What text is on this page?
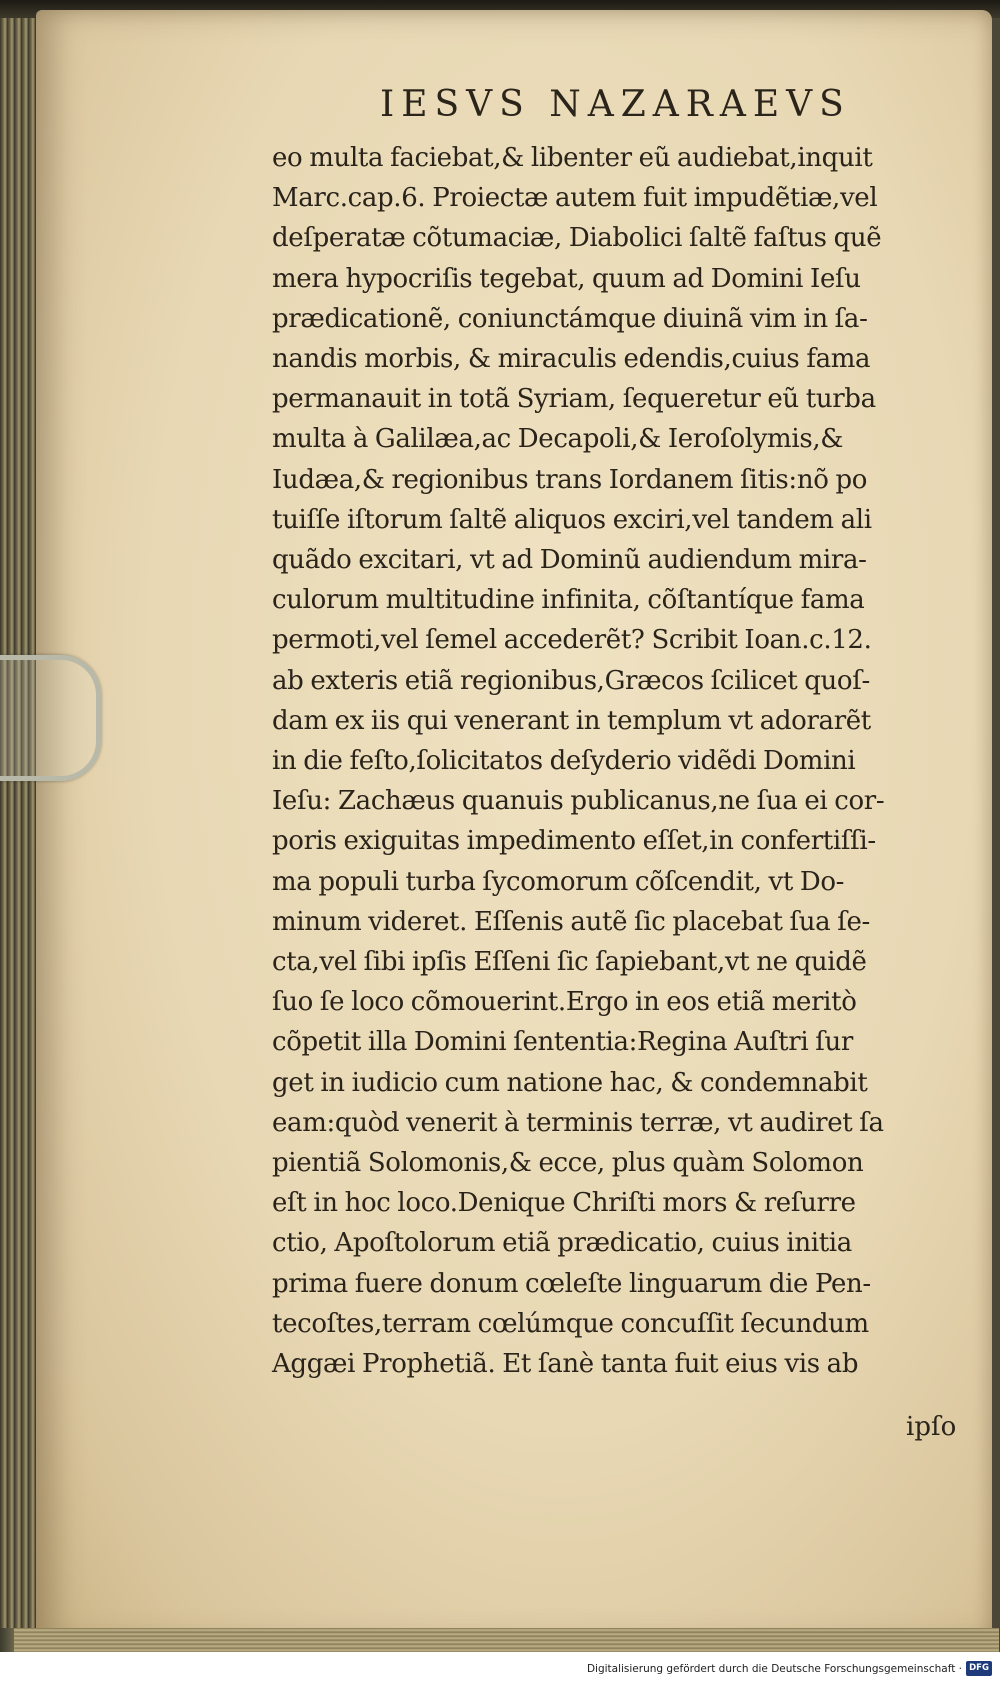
IESVS NAZARAEVS
eo multa faciebat,& libenter eũ audiebat,inquit
Marc.cap.6. Proiectæ autem fuit impudẽtiæ,vel
deſperatæ cõtumaciæ, Diabolici ſaltẽ faſtus quẽ
mera hypocriſis tegebat, quum ad Domini Ieſu
prædicationẽ, coniunctámque diuinã vim in ſa-
nandis morbis, & miraculis edendis,cuius fama
permanauit in totã Syriam, ſequeretur eũ turba
multa à Galilæa,ac Decapoli,& Ieroſolymis,&
Iudæa,& regionibus trans Iordanem ſitis:nõ po
tuiſſe iſtorum ſaltẽ aliquos exciri,vel tandem ali
quãdo excitari, vt ad Dominũ audiendum mira-
culorum multitudine infinita, cõſtantíque fama
permoti,vel ſemel accederẽt? Scribit Ioan.c.12.
ab exteris etiã regionibus,Græcos ſcilicet quoſ-
dam ex iis qui venerant in templum vt adorarẽt
in die feſto,ſolicitatos deſyderio vidẽdi Domini
Ieſu: Zachæus quanuis publicanus,ne ſua ei cor-
poris exiguitas impedimento eſſet,in confertiſſi-
ma populi turba ſycomorum cõſcendit, vt Do-
minum videret. Eſſenis autẽ ſic placebat ſua ſe-
cta,vel ſibi ipſis Eſſeni ſic ſapiebant,vt ne quidẽ
ſuo ſe loco cõmouerint.Ergo in eos etiã meritò
cõpetit illa Domini ſententia:Regina Auſtri ſur
get in iudicio cum natione hac, & condemnabit
eam:quòd venerit à terminis terræ, vt audiret ſa
pientiã Solomonis,& ecce, plus quàm Solomon
eſt in hoc loco.Denique Chriſti mors & reſurre
ctio, Apoſtolorum etiã prædicatio, cuius initia
prima fuere donum cœleſte linguarum die Pen-
tecoſtes,terram cœlúmque concuſſit ſecundum
Aggæi Prophetiã. Et ſanè tanta fuit eius vis ab
ipſo
Digitalisierung gefördert durch die Deutsche Forschungsgemeinschaft · DFG
